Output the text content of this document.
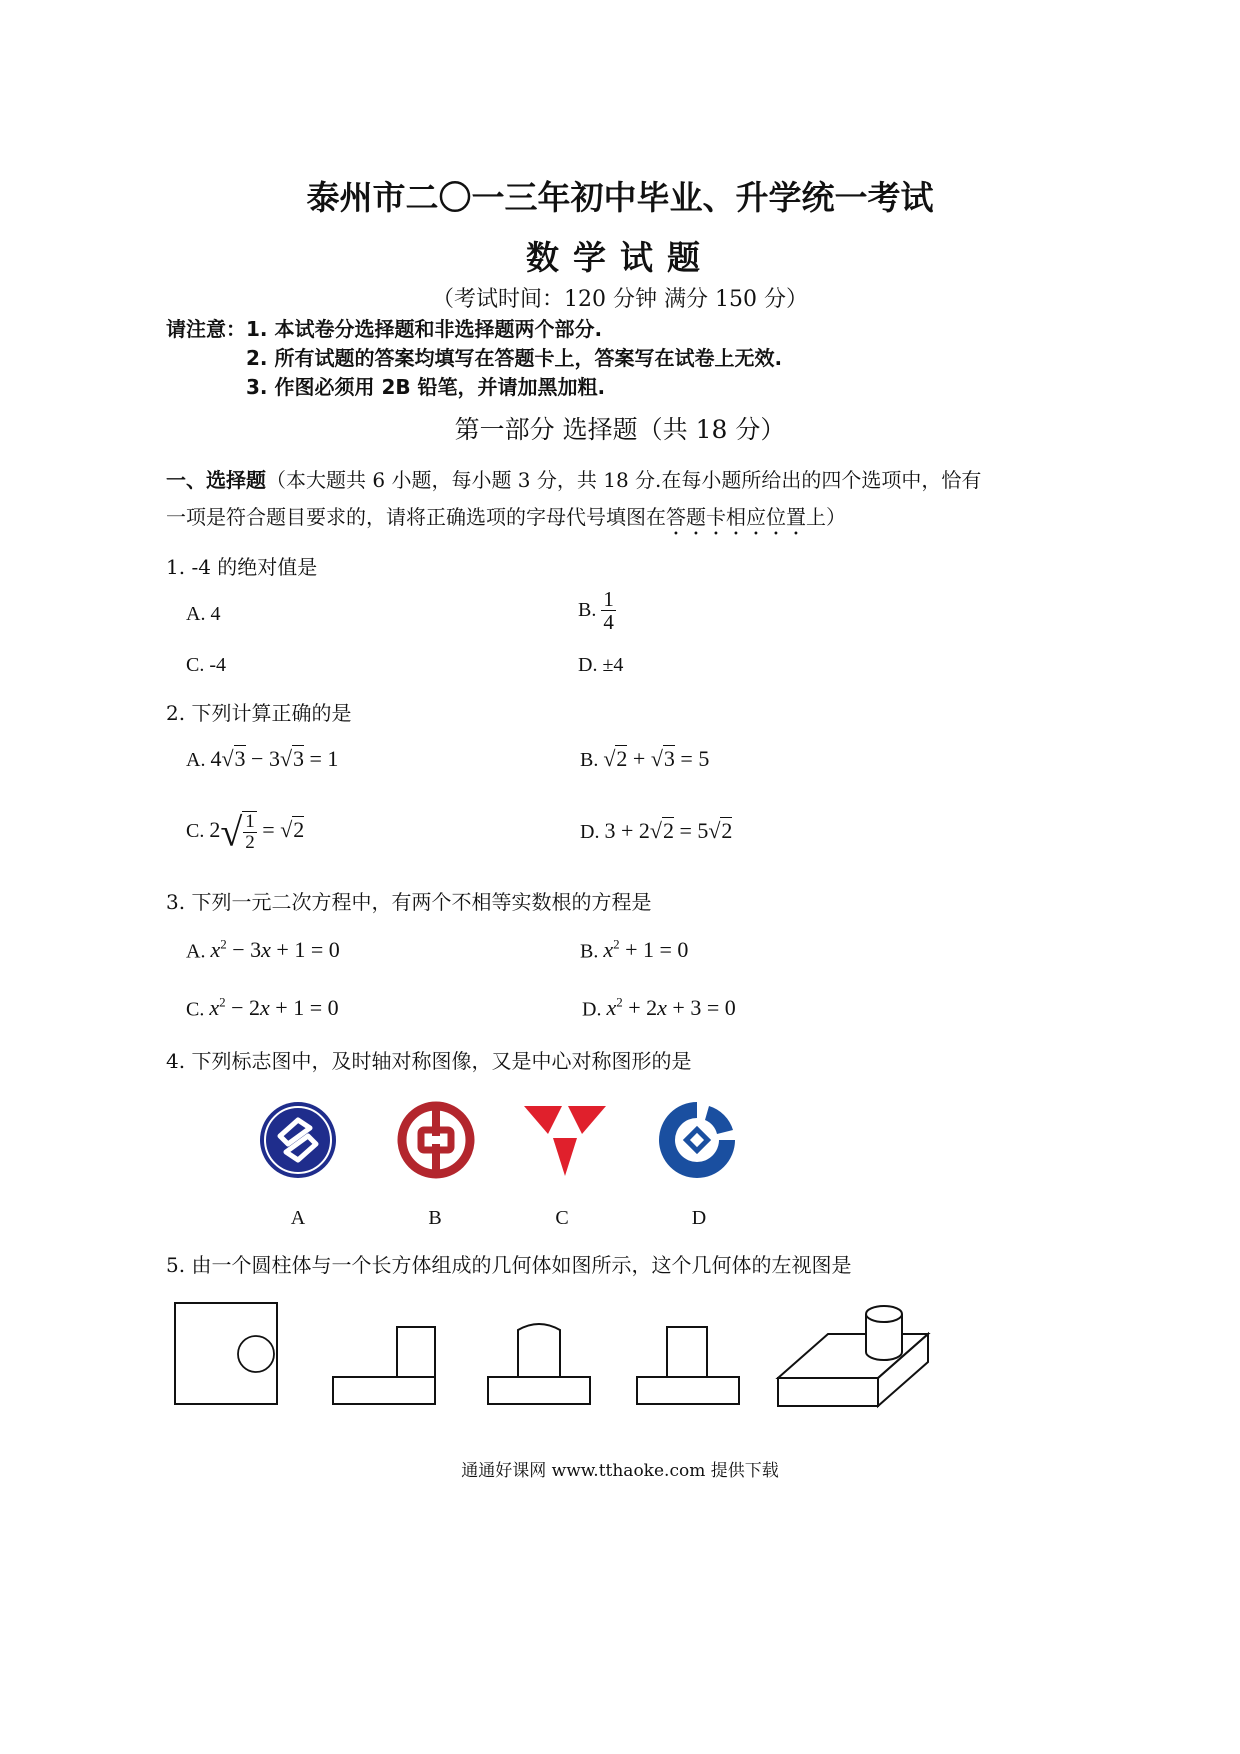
泰州市二〇一三年初中毕业、升学统一考试
数学试题
（考试时间：120 分钟 满分 150 分）
请注意： 1. 本试卷分选择题和非选择题两个部分.
2. 所有试题的答案均填写在答题卡上，答案写在试卷上无效.
3. 作图必须用 2B 铅笔，并请加黑加粗.
第一部分 选择题（共 18 分）
一、选择题（本大题共 6 小题，每小题 3 分，共 18 分.在每小题所给出的四个选项中，恰有
一项是符合题目要求的，请将正确选项的字母代号填图在答题卡相应位置上）
1. -4 的绝对值是
A. 4	B. $\frac{1}{4}$
C. -4	D. ±4
2. 下列计算正确的是
A. 4√3 − 3√3 = 1	B. √2 + √3 = 5
C. $2√ \frac{1}{2} = √2$	D. 3 + 2√2 = 5√2
3. 下列一元二次方程中，有两个不相等实数根的方程是
A. $x^2 - 3x + 1 = 0$	B. $x^2 + 1 = 0$
C. $x^2 - 2x + 1 = 0$	D. $x^2 + 2x + 3 = 0$
4. 下列标志图中，及时轴对称图像，又是中心对称图形的是
A	B	C	D
5. 由一个圆柱体与一个长方体组成的几何体如图所示，这个几何体的左视图是
通通好课网 www.tthaoke.com 提供下载
